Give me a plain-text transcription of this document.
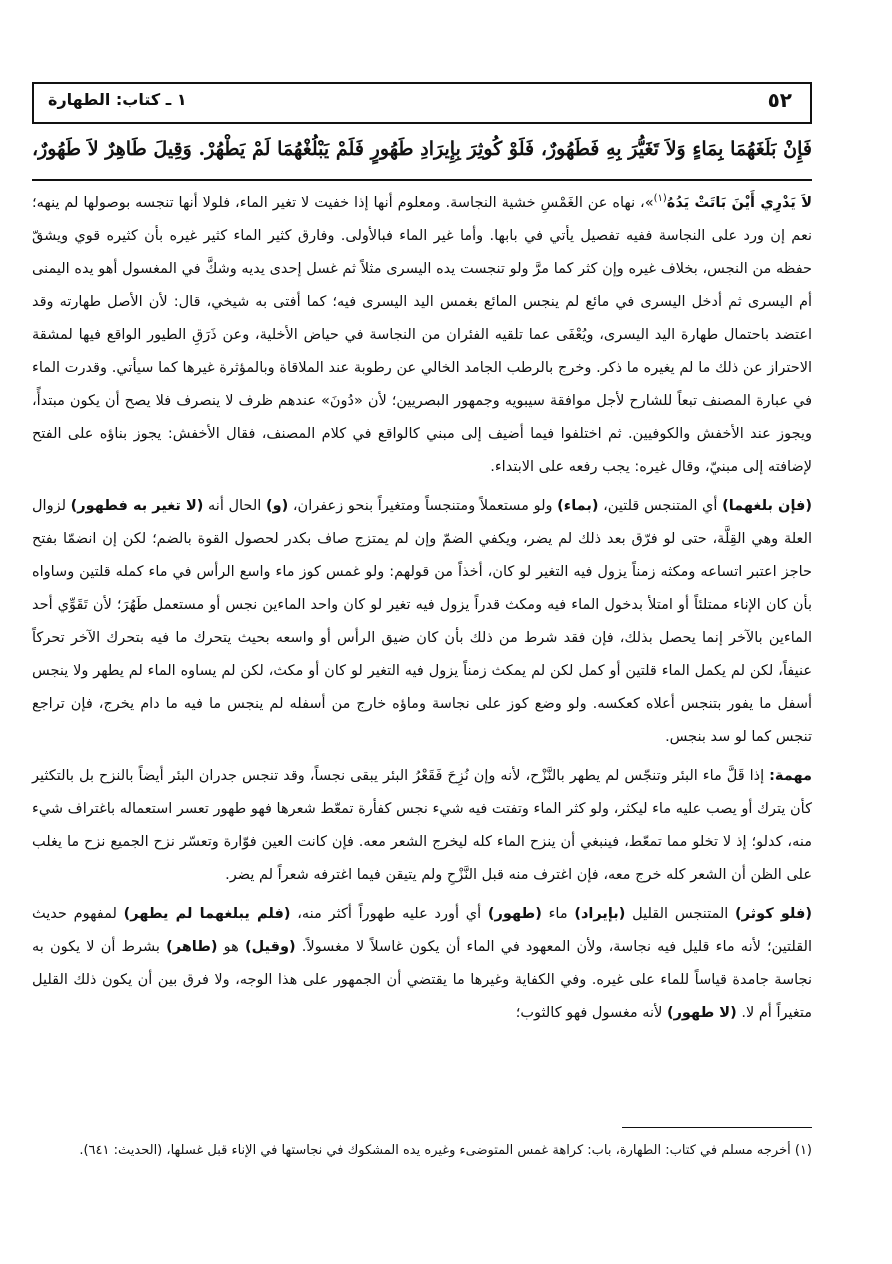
٥٢
١ ـ كتاب: الطهارة
فَإِنْ بَلَغَهُمَا بِمَاءٍ وَلاَ تَغَيُّرَ بِهِ فَطَهُورٌ، فَلَوْ كُوثِرَ بِإِيرَادِ طَهُورٍ فَلَمْ يَبْلُغْهُمَا لَمْ يَطْهُرْ. وَقِيلَ طَاهِرٌ لاَ طَهُورٌ،

لاَ يَدْرِي أَيْنَ بَاتَتْ يَدُهُ$^{(١)}$»، نهاه عن الغَمْسِ خشية النجاسة. ومعلوم أنها إذا خفيت لا تغير الماء، فلولا أنها تنجسه بوصولها لم ينهه؛ نعم إن ورد على النجاسة ففيه تفصيل يأتي في بابها. وأما غير الماء فبالأولى. وفارق كثير الماء كثير غيره بأن كثيره قوي ويشقّ حفظه من النجس، بخلاف غيره وإن كثر كما مرَّ ولو تنجست يده اليسرى مثلاً ثم غسل إحدى يديه وشكَّ في المغسول أهو يده اليمنى أم اليسرى ثم أدخل اليسرى في مائع لم ينجس المائع بغمس اليد اليسرى فيه؛ كما أفتى به شيخي، قال: لأن الأصل طهارته وقد اعتضد باحتمال طهارة اليد اليسرى، ويُعْفَى عما تلقيه الفئران من النجاسة في حياض الأخلية، وعن ذَرَقِ الطيور الواقع فيها لمشقة الاحتراز عن ذلك ما لم يغيره ما ذكر. وخرج بالرطب الجامد الخالي عن رطوبة عند الملاقاة وبالمؤثرة غيرها كما سيأتي. وقدرت الماء في عبارة المصنف تبعاً للشارح لأجل موافقة سيبويه وجمهور البصريين؛ لأن «دُونَ» عندهم ظرف لا ينصرف فلا يصح أن يكون مبتدأً، ويجوز عند الأخفش والكوفيين. ثم اختلفوا فيما أضيف إلى مبني كالواقع في كلام المصنف، فقال الأخفش: يجوز بناؤه على الفتح لإضافته إلى مبنيّ، وقال غيره: يجب رفعه على الابتداء.

(فإن بلغهما) أي المتنجس قلتين، (بماء) ولو مستعملاً ومتنجساً ومتغيراً بنحو زعفران، (و) الحال أنه (لا تغير به فطهور) لزوال العلة وهي القِلَّة، حتى لو فرّق بعد ذلك لم يضر، ويكفي الضمّ وإن لم يمتزج صاف بكدر لحصول القوة بالضم؛ لكن إن انضمّا بفتح حاجز اعتبر اتساعه ومكثه زمناً يزول فيه التغير لو كان، أخذاً من قولهم: ولو غمس كوز ماء واسع الرأس في ماء كمله قلتين وساواه بأن كان الإناء ممتلئاً أو امتلأ بدخول الماء فيه ومكث قدراً يزول فيه تغير لو كان واحد الماءين نجس أو مستعمل طَهُرَ؛ لأن تَقَوِّي أحد الماءين بالآخر إنما يحصل بذلك، فإن فقد شرط من ذلك بأن كان ضيق الرأس أو واسعه بحيث يتحرك ما فيه بتحرك الآخر تحركاً عنيفاً، لكن لم يكمل الماء قلتين أو كمل لكن لم يمكث زمناً يزول فيه التغير لو كان أو مكث، لكن لم يساوه الماء لم يطهر ولا ينجس أسفل ما يفور بتنجس أعلاه كعكسه. ولو وضع كوز على نجاسة وماؤه خارج من أسفله لم ينجس ما فيه ما دام يخرج، فإن تراجع تنجس كما لو سد بنجس.

مهمة: إذا قَلَّ ماء البئر وتنجّس لم يطهر بالنَّزْح، لأنه وإن نُزِحَ فَقَعْرُ البئر يبقى نجساً، وقد تنجس جدران البئر أيضاً بالنزح بل بالتكثير كأن يترك أو يصب عليه ماء ليكثر، ولو كثر الماء وتفتت فيه شيء نجس كفأرة تمعّط شعرها فهو طهور تعسر استعماله باغتراف شيء منه، كدلو؛ إذ لا تخلو مما تمعّط، فينبغي أن ينزح الماء كله ليخرج الشعر معه. فإن كانت العين فوّارة وتعسّر نزح الجميع نزح ما يغلب على الظن أن الشعر كله خرج معه، فإن اغترف منه قبل النَّزْحِ ولم يتيقن فيما اغترفه شعراً لم يضر.

(فلو كوثر) المتنجس القليل (بإيراد) ماء (طهور) أي أورد عليه طهوراً أكثر منه، (فلم يبلغهما لم يطهر) لمفهوم حديث القلتين؛ لأنه ماء قليل فيه نجاسة، ولأن المعهود في الماء أن يكون غاسلاً لا مغسولاً. (وقيل) هو (طاهر) بشرط أن لا يكون به نجاسة جامدة قياساً للماء على غيره. وفي الكفاية وغيرها ما يقتضي أن الجمهور على هذا الوجه، ولا فرق بين أن يكون ذلك القليل متغيراً أم لا. (لا طهور) لأنه مغسول فهو كالثوب؛

(١) أخرجه مسلم في كتاب: الطهارة، باب: كراهة غمس المتوضىء وغيره يده المشكوك في نجاستها في الإناء قبل غسلها، (الحديث: ٦٤١).
